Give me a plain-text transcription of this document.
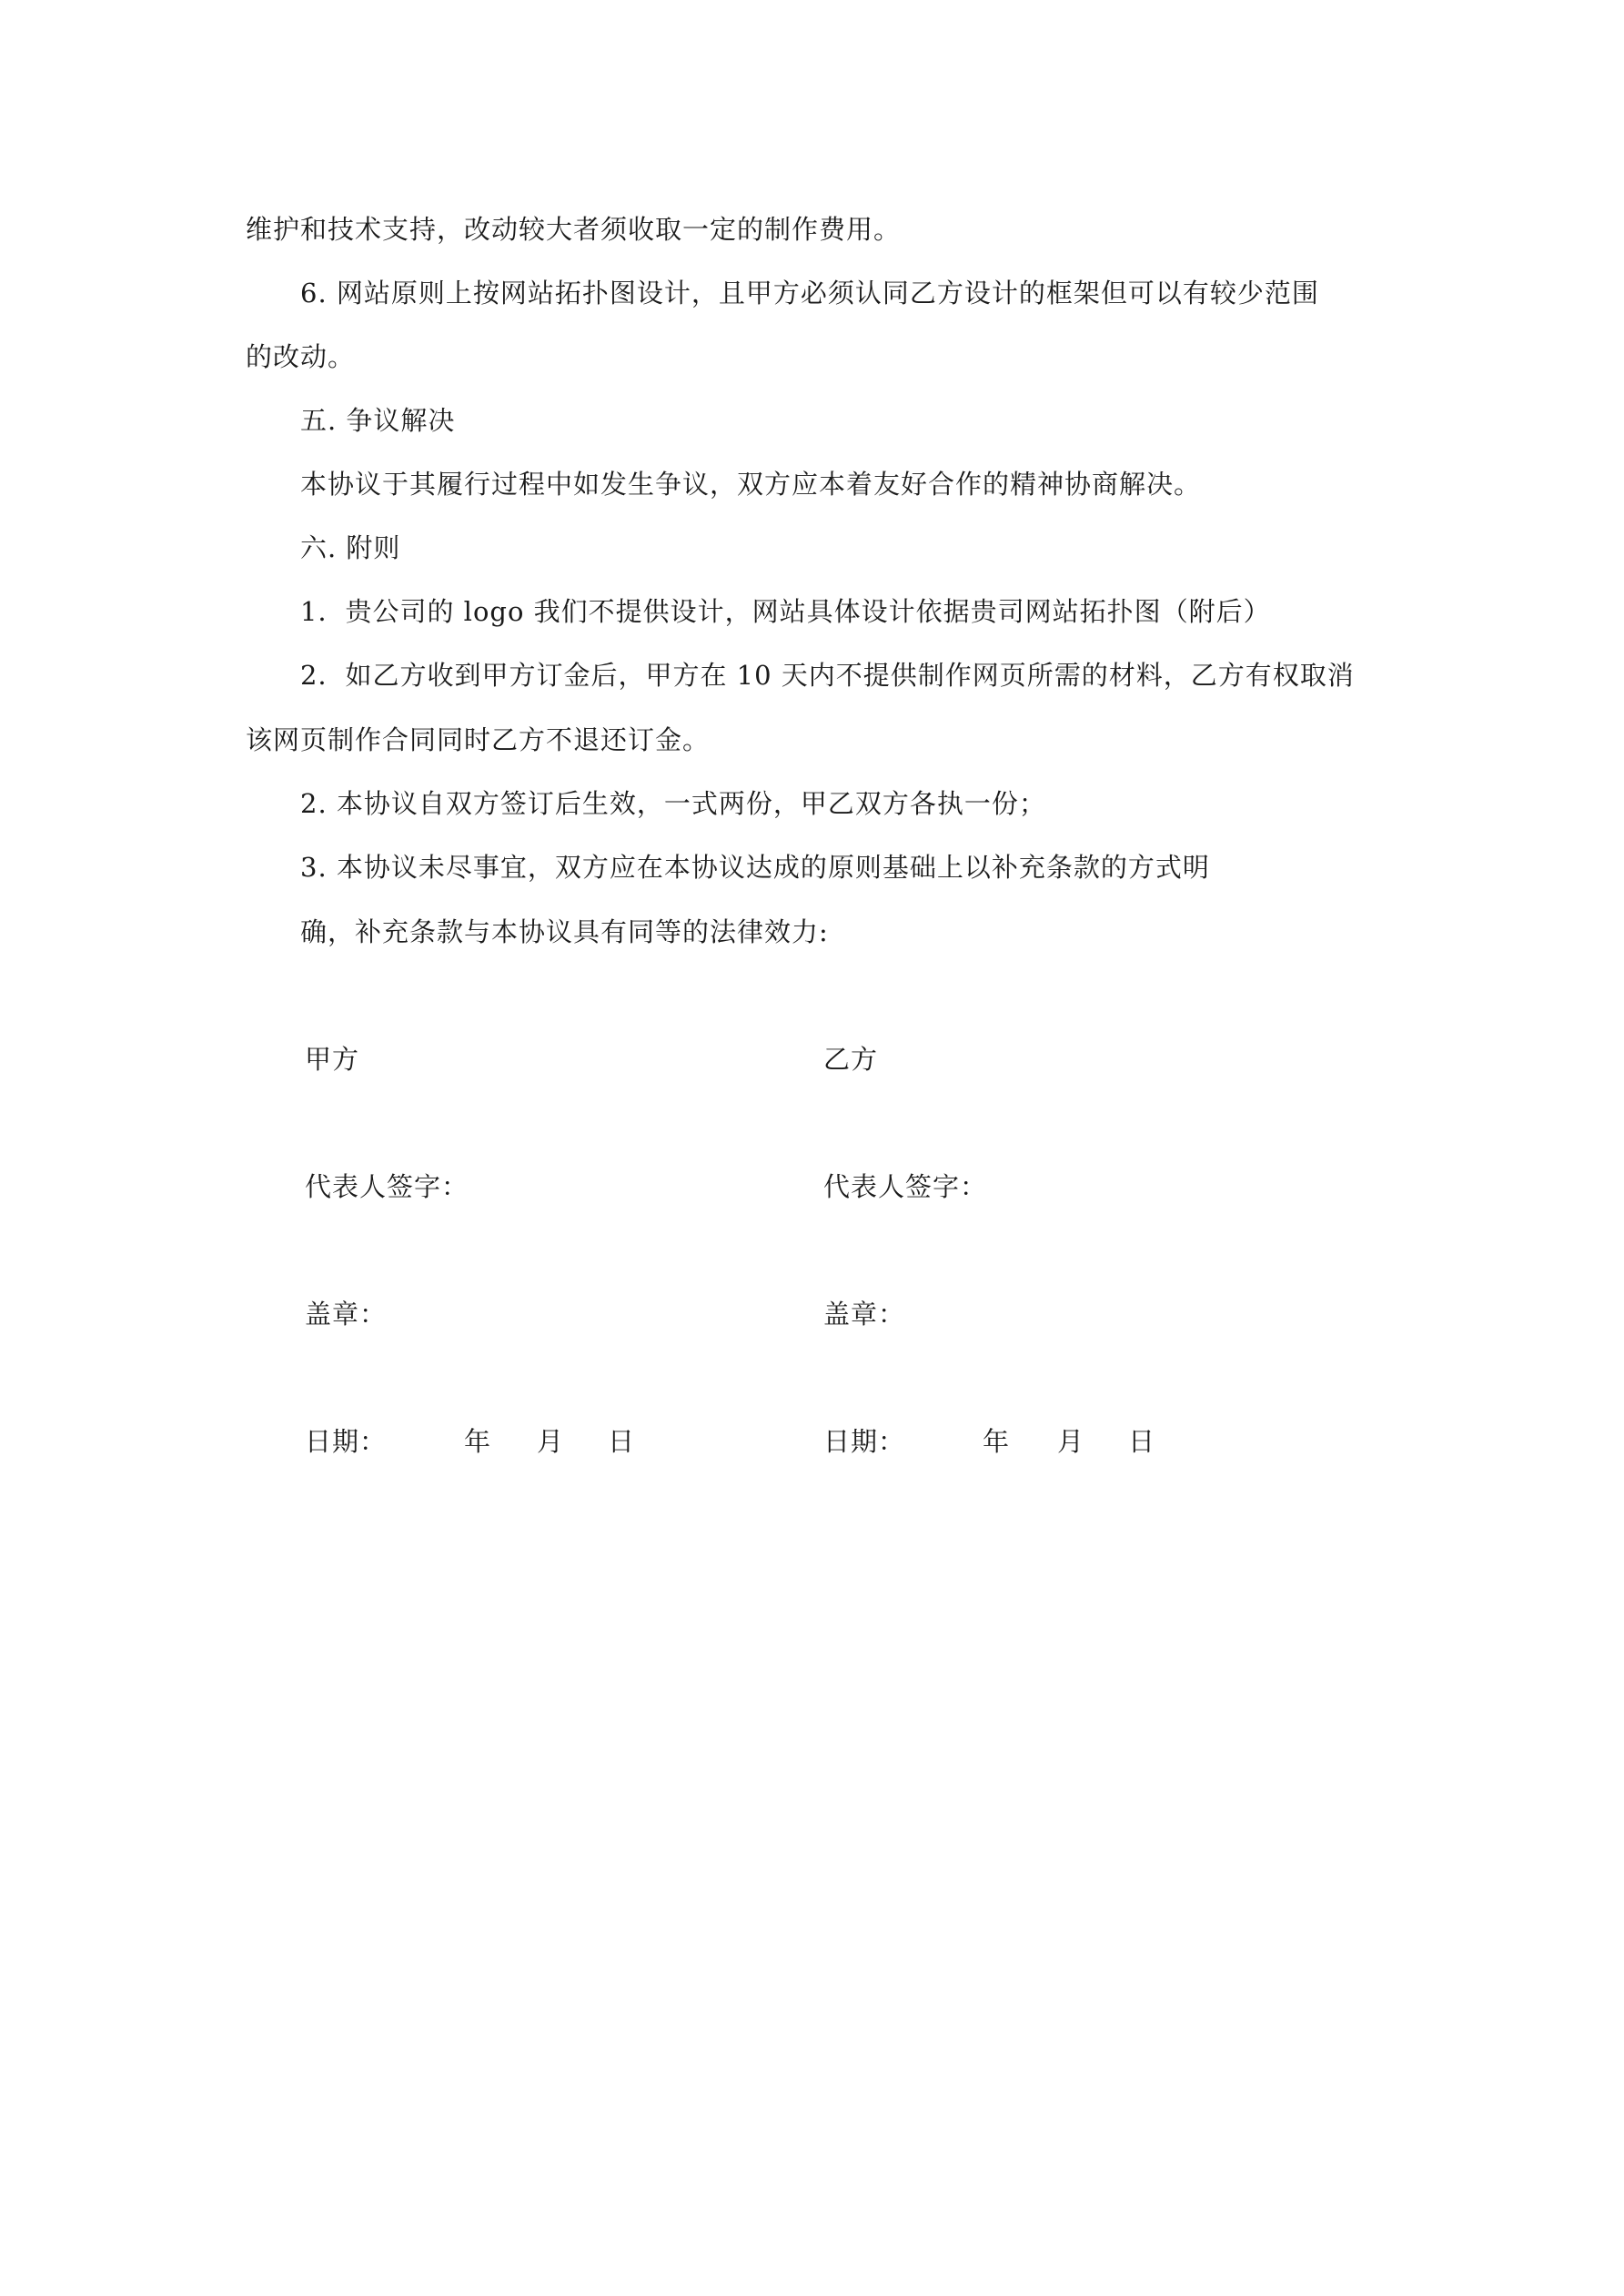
维护和技术支持，改动较大者须收取一定的制作费用。
6. 网站原则上按网站拓扑图设计，且甲方必须认同乙方设计的框架但可以有较少范围
的改动。
五. 争议解决
本协议于其履行过程中如发生争议，双方应本着友好合作的精神协商解决。
六. 附则
1．贵公司的 logo 我们不提供设计，网站具体设计依据贵司网站拓扑图（附后）
2．如乙方收到甲方订金后，甲方在 10 天内不提供制作网页所需的材料，乙方有权取消
该网页制作合同同时乙方不退还订金。
2. 本协议自双方签订后生效，一式两份，甲乙双方各执一份；
3. 本协议未尽事宜，双方应在本协议达成的原则基础上以补充条款的方式明
确，补充条款与本协议具有同等的法律效力:
甲方
代表人签字：
盖章：
日期：	年 月 日
乙方
代表人签字：
盖章：
日期：	年 月 日
